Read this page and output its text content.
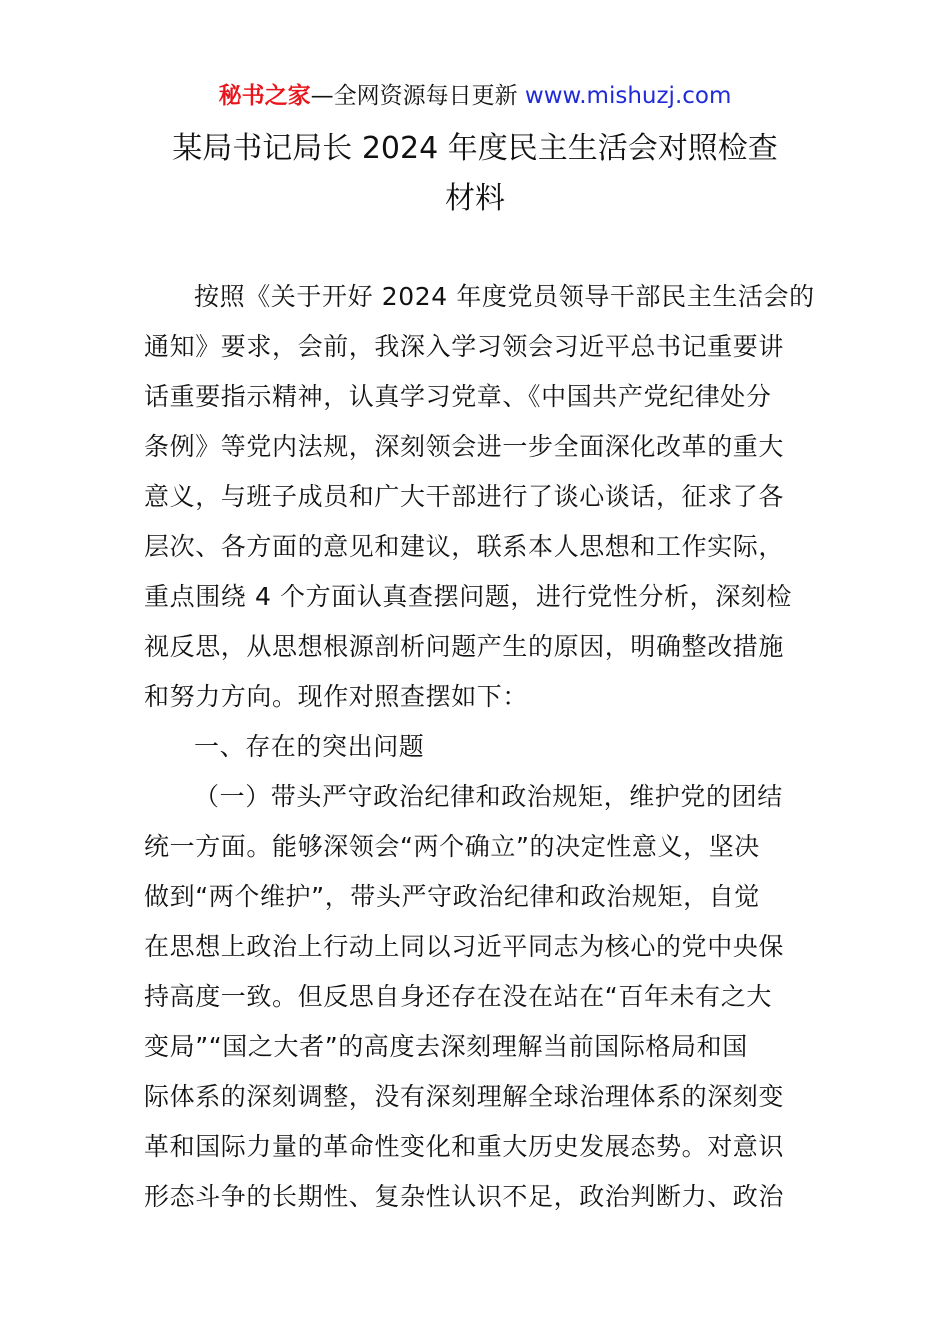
秘书之家—全网资源每日更新 www.mishuzj.com
某局书记局长 2024 年度民主生活会对照检查
材料
按照《关于开好 2024 年度党员领导干部民主生活会的
通知》要求，会前，我深入学习领会习近平总书记重要讲
话重要指示精神，认真学习党章、《中国共产党纪律处分
条例》等党内法规，深刻领会进一步全面深化改革的重大
意义，与班子成员和广大干部进行了谈心谈话，征求了各
层次、各方面的意见和建议，联系本人思想和工作实际，
重点围绕 4 个方面认真查摆问题，进行党性分析，深刻检
视反思，从思想根源剖析问题产生的原因，明确整改措施
和努力方向。现作对照查摆如下：
一、存在的突出问题
（一）带头严守政治纪律和政治规矩，维护党的团结
统一方面。能够深领会“两个确立”的决定性意义，坚决
做到“两个维护”，带头严守政治纪律和政治规矩，自觉
在思想上政治上行动上同以习近平同志为核心的党中央保
持高度一致。但反思自身还存在没在站在“百年未有之大
变局”“国之大者”的高度去深刻理解当前国际格局和国
际体系的深刻调整，没有深刻理解全球治理体系的深刻变
革和国际力量的革命性变化和重大历史发展态势。对意识
形态斗争的长期性、复杂性认识不足，政治判断力、政治
